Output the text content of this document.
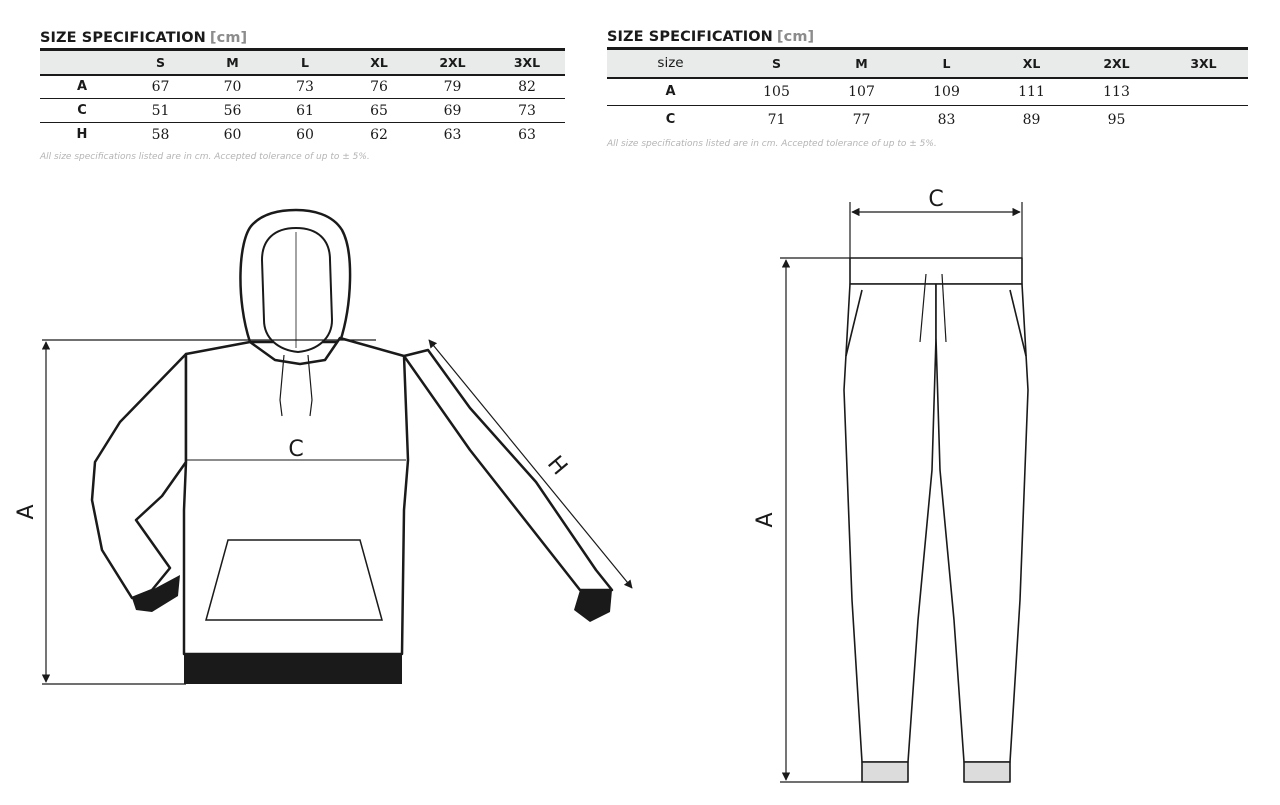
SIZE SPECIFICATION [cm]
	S	M	L	XL	2XL	3XL
A	67	70	73	76	79	82
C	51	56	61	65	69	73
H	58	60	60	62	63	63
All size specifications listed are in cm. Accepted tolerance of up to ± 5%.
SIZE SPECIFICATION [cm]
size	S	M	L	XL	2XL	3XL
A	105	107	109	111	113	
C	71	77	83	89	95	
All size specifications listed are in cm. Accepted tolerance of up to ± 5%.
A
C
H
C
A
